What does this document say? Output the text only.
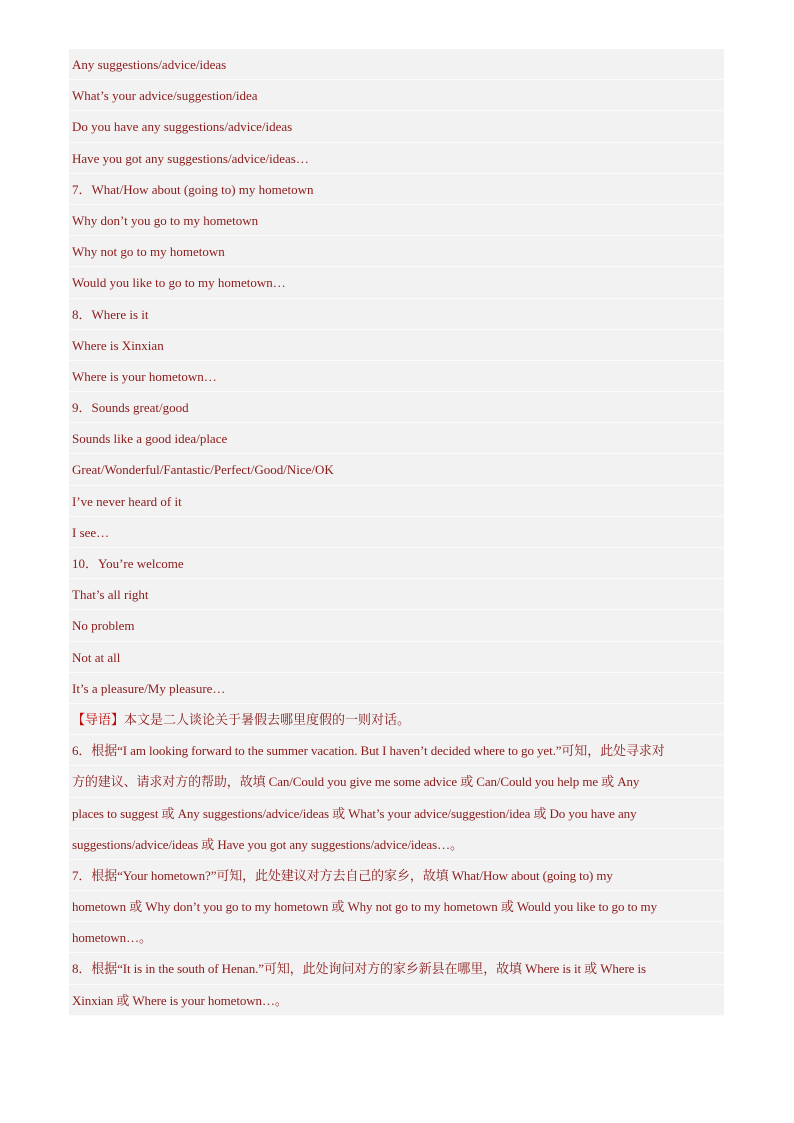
Any suggestions/advice/ideas
What’s your advice/suggestion/idea
Do you have any suggestions/advice/ideas
Have you got any suggestions/advice/ideas…
7．What/How about (going to) my hometown
Why don’t you go to my hometown
Why not go to my hometown
Would you like to go to my hometown…
8．Where is it
Where is Xinxian
Where is your hometown…
9．Sounds great/good
Sounds like a good idea/place
Great/Wonderful/Fantastic/Perfect/Good/Nice/OK
I’ve never heard of it
I see…
10．You’re welcome
That’s all right
No problem
Not at all
It’s a pleasure/My pleasure…
【导语】本文是二人谈论关于暑假去哪里度假的一则对话。
6．根据“I am looking forward to the summer vacation. But I haven’t decided where to go yet.”可知，此处寻求对
方的建议、请求对方的帮助，故填 Can/Could you give me some advice 或 Can/Could you help me 或 Any
places to suggest 或 Any suggestions/advice/ideas 或 What’s your advice/suggestion/idea 或 Do you have any
suggestions/advice/ideas 或 Have you got any suggestions/advice/ideas…。
7．根据“Your hometown?”可知，此处建议对方去自己的家乡，故填 What/How about (going to) my
hometown 或 Why don’t you go to my hometown 或 Why not go to my hometown 或 Would you like to go to my
hometown…。
8．根据“It is in the south of Henan.”可知，此处询问对方的家乡新县在哪里，故填 Where is it 或 Where is
Xinxian 或 Where is your hometown…。
